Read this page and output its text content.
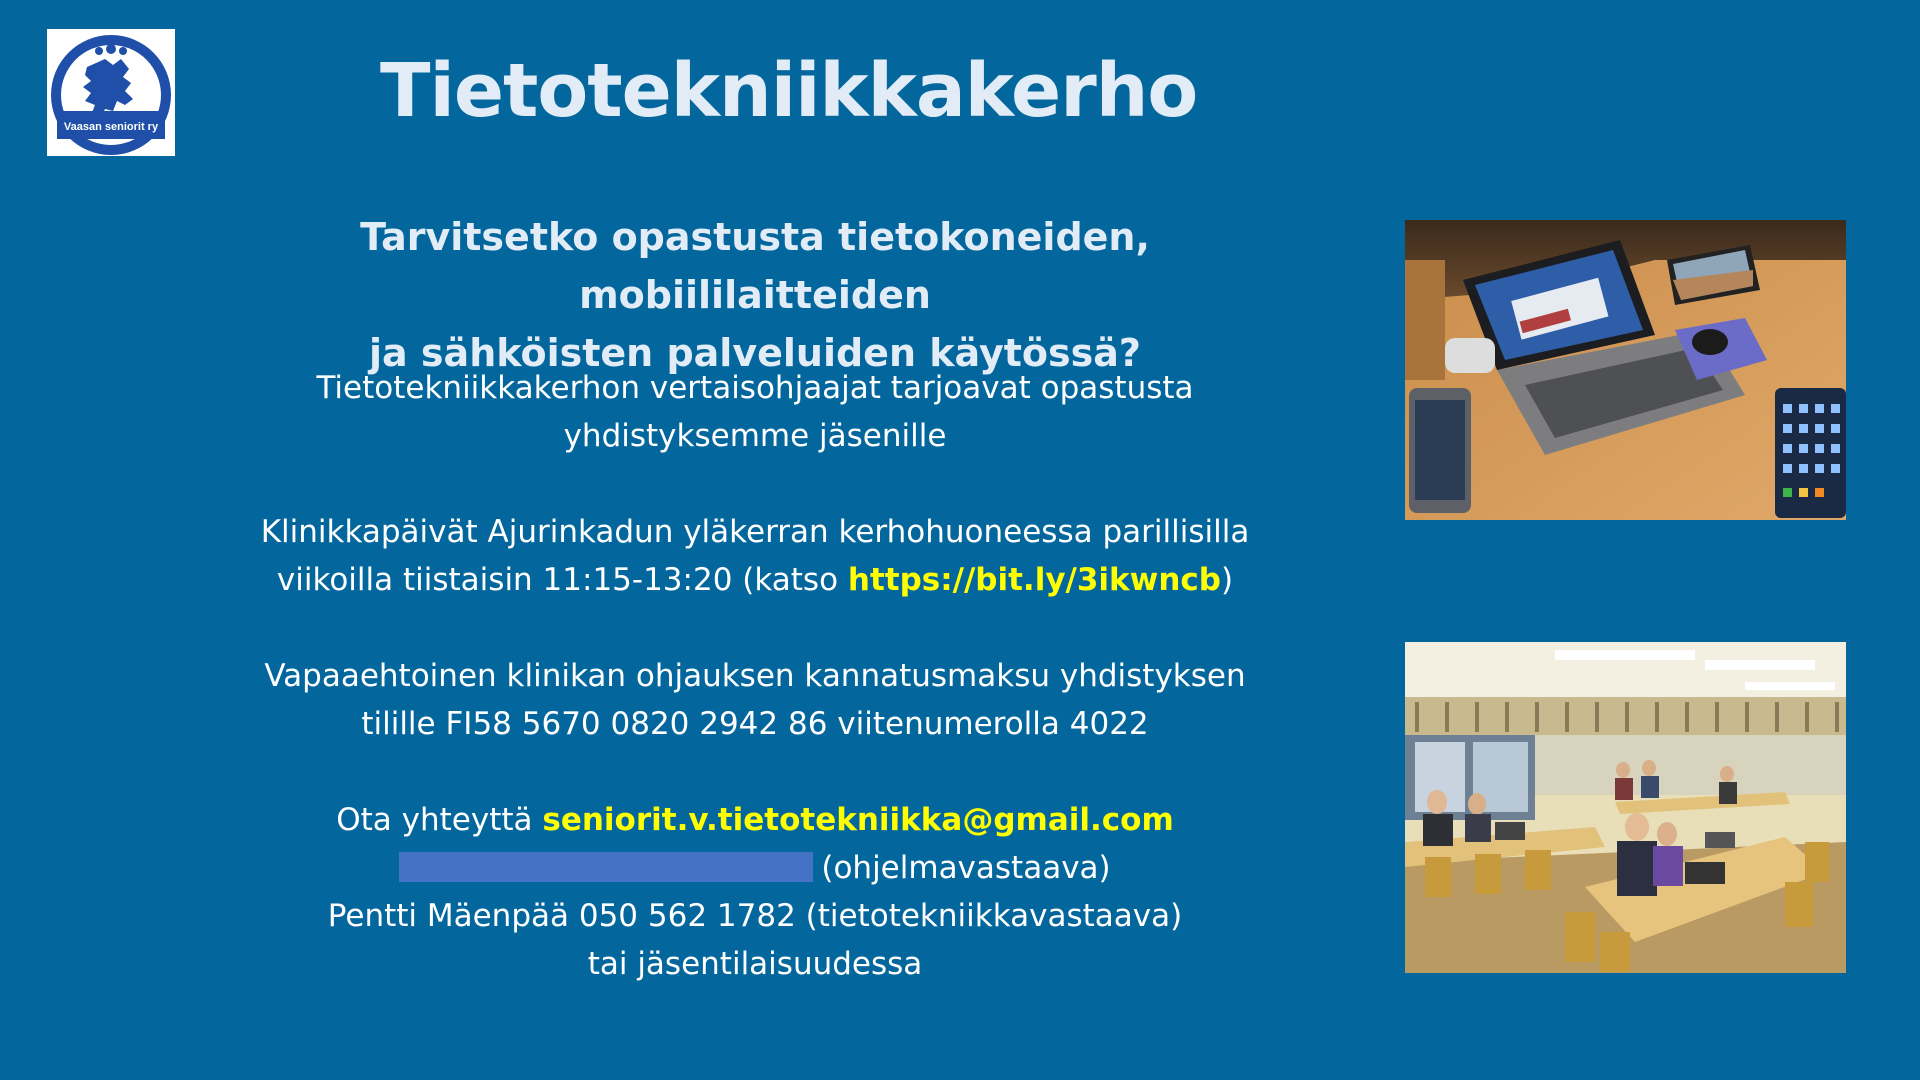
Vaasan seniorit ry	Tietotekniikkakerho
Tarvitsetko opastusta tietokoneiden, mobiililaitteiden
ja sähköisten palveluiden käytössä?

Tietotekniikkakerhon vertaisohjaajat tarjoavat opastusta

yhdistyksemme jäsenille

Klinikkapäivät Ajurinkadun yläkerran kerhohuoneessa parillisilla

viikoilla tiistaisin 11:15-13:20 (katso https://bit.ly/3ikwncb)

Vapaaehtoinen klinikan ohjauksen kannatusmaksu yhdistyksen

tilille FI58 5670 0820 2942 86 viitenumerolla 4022

Ota yhteyttä seniorit.v.tietotekniikka@gmail.com

(ohjelmavastaava)

Pentti Mäenpää 050 562 1782 (tietotekniikkavastaava)

tai jäsentilaisuudessa
